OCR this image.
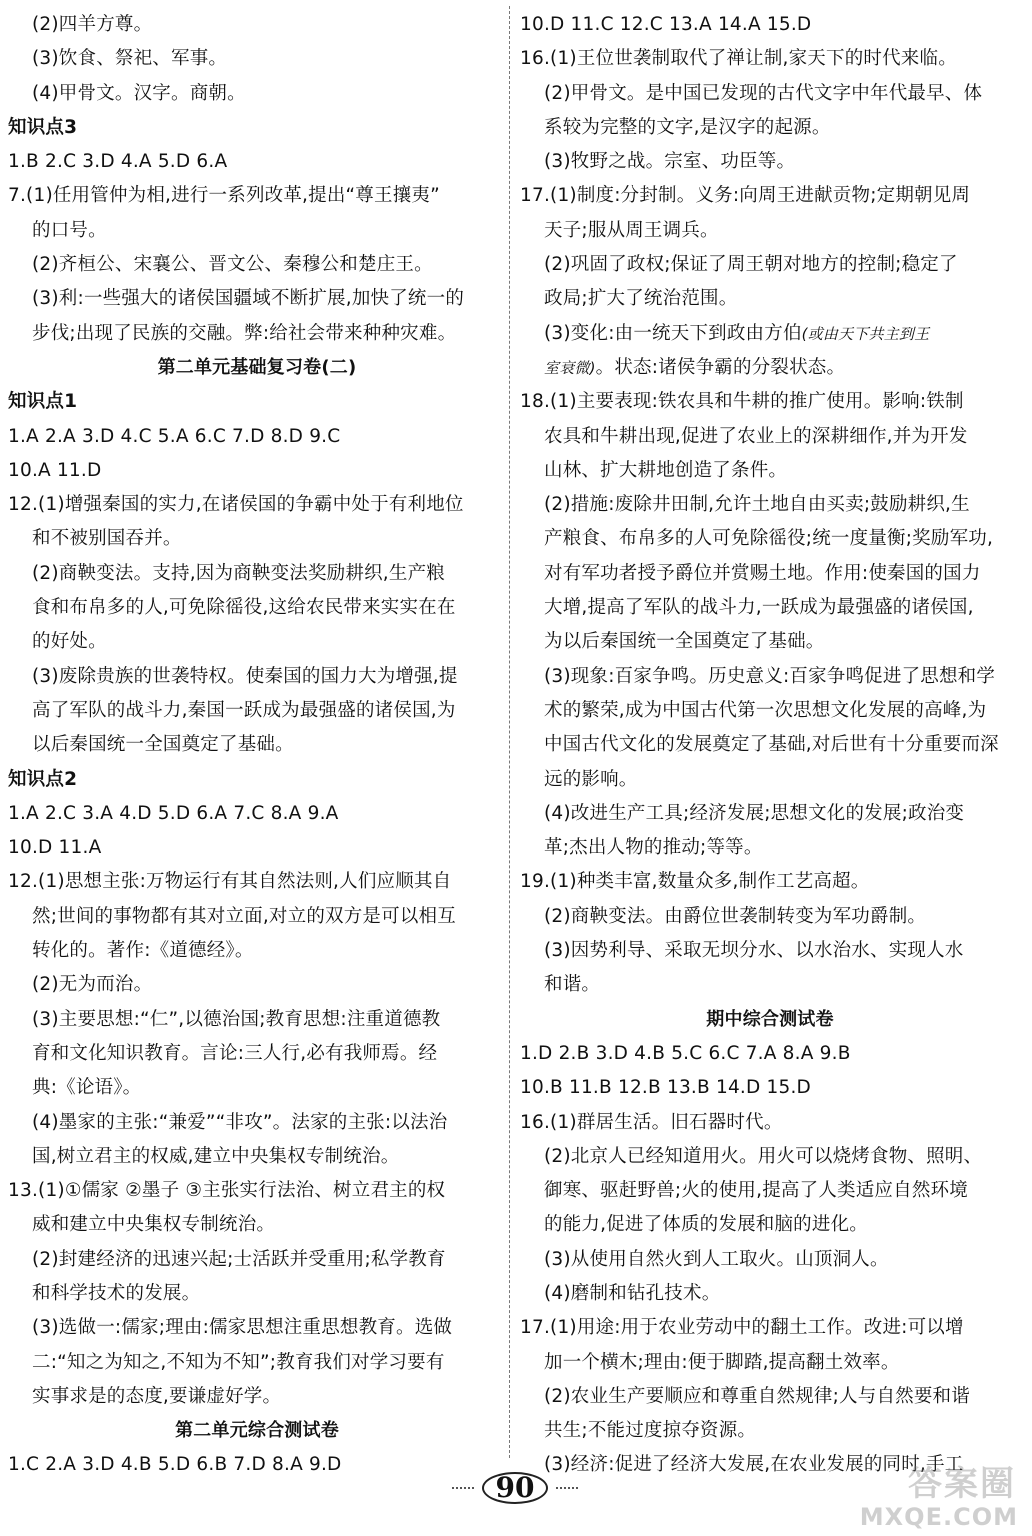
(2)四羊方尊。
(3)饮食、祭祀、军事。
(4)甲骨文。汉字。商朝。
知识点3
1.B 2.C 3.D 4.A 5.D 6.A
7.(1)任用管仲为相,进行一系列改革,提出“尊王攘夷”
的口号。
(2)齐桓公、宋襄公、晋文公、秦穆公和楚庄王。
(3)利:一些强大的诸侯国疆域不断扩展,加快了统一的
步伐;出现了民族的交融。弊:给社会带来种种灾难。
第二单元基础复习卷(二)
知识点1
1.A 2.A 3.D 4.C 5.A 6.C 7.D 8.D 9.C
10.A 11.D
12.(1)增强秦国的实力,在诸侯国的争霸中处于有利地位
和不被别国吞并。
(2)商鞅变法。支持,因为商鞅变法奖励耕织,生产粮
食和布帛多的人,可免除徭役,这给农民带来实实在在
的好处。
(3)废除贵族的世袭特权。使秦国的国力大为增强,提
高了军队的战斗力,秦国一跃成为最强盛的诸侯国,为
以后秦国统一全国奠定了基础。
知识点2
1.A 2.C 3.A 4.D 5.D 6.A 7.C 8.A 9.A
10.D 11.A
12.(1)思想主张:万物运行有其自然法则,人们应顺其自
然;世间的事物都有其对立面,对立的双方是可以相互
转化的。著作:《道德经》。
(2)无为而治。
(3)主要思想:“仁”,以德治国;教育思想:注重道德教
育和文化知识教育。言论:三人行,必有我师焉。经
典:《论语》。
(4)墨家的主张:“兼爱”“非攻”。法家的主张:以法治
国,树立君主的权威,建立中央集权专制统治。
13.(1)①儒家 ②墨子 ③主张实行法治、树立君主的权
威和建立中央集权专制统治。
(2)封建经济的迅速兴起;士活跃并受重用;私学教育
和科学技术的发展。
(3)选做一:儒家;理由:儒家思想注重思想教育。选做
二:“知之为知之,不知为不知”;教育我们对学习要有
实事求是的态度,要谦虚好学。
第二单元综合测试卷
1.C 2.A 3.D 4.B 5.D 6.B 7.D 8.A 9.D
10.D 11.C 12.C 13.A 14.A 15.D
16.(1)王位世袭制取代了禅让制,家天下的时代来临。
(2)甲骨文。是中国已发现的古代文字中年代最早、体
系较为完整的文字,是汉字的起源。
(3)牧野之战。宗室、功臣等。
17.(1)制度:分封制。义务:向周王进献贡物;定期朝见周
天子;服从周王调兵。
(2)巩固了政权;保证了周王朝对地方的控制;稳定了
政局;扩大了统治范围。
(3)变化:由一统天下到政由方伯(或由天下共主到王
室衰微)。状态:诸侯争霸的分裂状态。
18.(1)主要表现:铁农具和牛耕的推广使用。影响:铁制
农具和牛耕出现,促进了农业上的深耕细作,并为开发
山林、扩大耕地创造了条件。
(2)措施:废除井田制,允许土地自由买卖;鼓励耕织,生
产粮食、布帛多的人可免除徭役;统一度量衡;奖励军功,
对有军功者授予爵位并赏赐土地。作用:使秦国的国力
大增,提高了军队的战斗力,一跃成为最强盛的诸侯国,
为以后秦国统一全国奠定了基础。
(3)现象:百家争鸣。历史意义:百家争鸣促进了思想和学
术的繁荣,成为中国古代第一次思想文化发展的高峰,为
中国古代文化的发展奠定了基础,对后世有十分重要而深
远的影响。
(4)改进生产工具;经济发展;思想文化的发展;政治变
革;杰出人物的推动;等等。
19.(1)种类丰富,数量众多,制作工艺高超。
(2)商鞅变法。由爵位世袭制转变为军功爵制。
(3)因势利导、采取无坝分水、以水治水、实现人水
和谐。
期中综合测试卷
1.D 2.B 3.D 4.B 5.C 6.C 7.A 8.A 9.B
10.B 11.B 12.B 13.B 14.D 15.D
16.(1)群居生活。旧石器时代。
(2)北京人已经知道用火。用火可以烧烤食物、照明、
御寒、驱赶野兽;火的使用,提高了人类适应自然环境
的能力,促进了体质的发展和脑的进化。
(3)从使用自然火到人工取火。山顶洞人。
(4)磨制和钻孔技术。
17.(1)用途:用于农业劳动中的翻土工作。改进:可以增
加一个横木;理由:便于脚踏,提高翻土效率。
(2)农业生产要顺应和尊重自然规律;人与自然要和谐
共生;不能过度掠夺资源。
(3)经济:促进了经济大发展,在农业发展的同时,手工
90	答案圈
MXQE.COM
